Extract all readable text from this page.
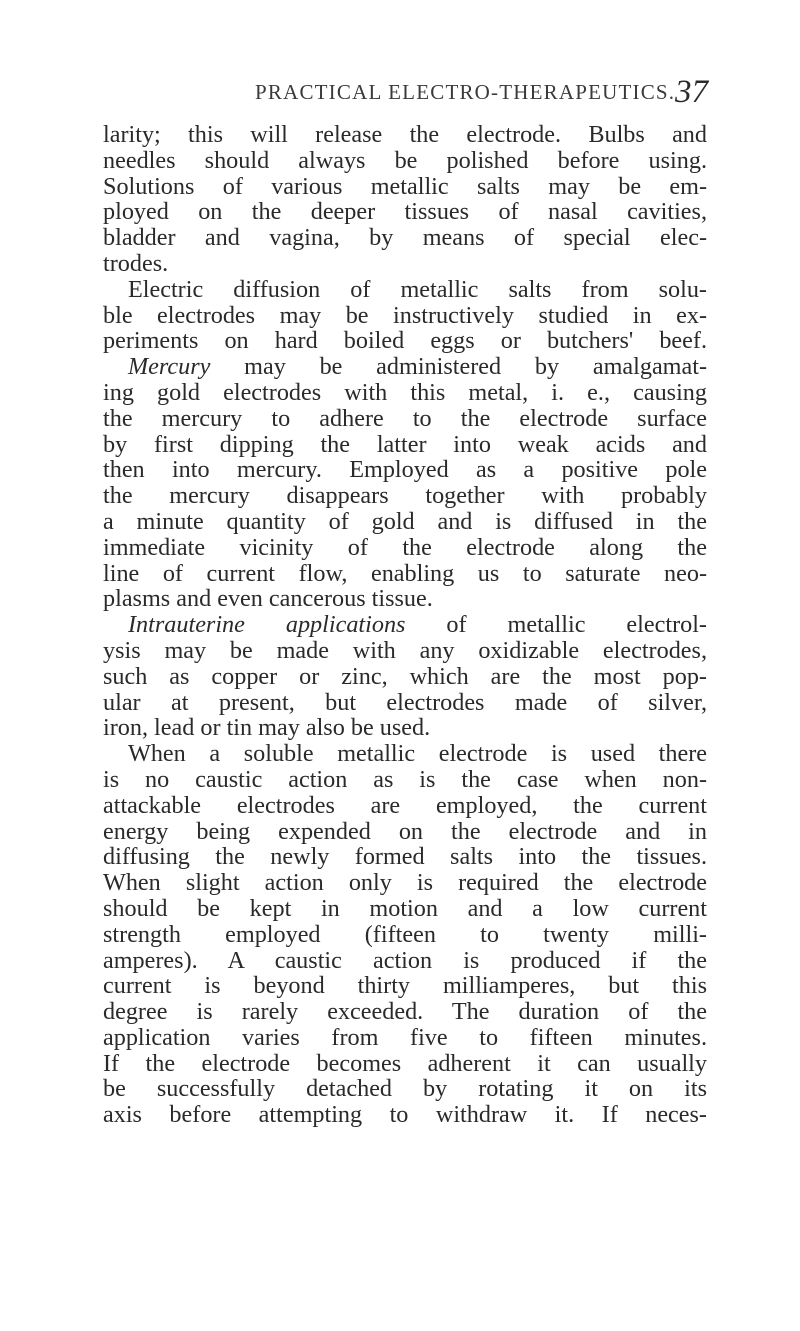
PRACTICAL ELECTRO-THERAPEUTICS. 37
larity; this will release the electrode. Bulbs and
needles should always be polished before using.
Solutions of various metallic salts may be em-
ployed on the deeper tissues of nasal cavities,
bladder and vagina, by means of special elec-
trodes.
Electric diffusion of metallic salts from solu-
ble electrodes may be instructively studied in ex-
periments on hard boiled eggs or butchers' beef.
Mercury may be administered by amalgamat-
ing gold electrodes with this metal, i. e., causing
the mercury to adhere to the electrode surface
by first dipping the latter into weak acids and
then into mercury. Employed as a positive pole
the mercury disappears together with probably
a minute quantity of gold and is diffused in the
immediate vicinity of the electrode along the
line of current flow, enabling us to saturate neo-
plasms and even cancerous tissue.
Intrauterine applications of metallic electrol-
ysis may be made with any oxidizable electrodes,
such as copper or zinc, which are the most pop-
ular at present, but electrodes made of silver,
iron, lead or tin may also be used.
When a soluble metallic electrode is used there
is no caustic action as is the case when non-
attackable electrodes are employed, the current
energy being expended on the electrode and in
diffusing the newly formed salts into the tissues.
When slight action only is required the electrode
should be kept in motion and a low current
strength employed (fifteen to twenty milli-
amperes). A caustic action is produced if the
current is beyond thirty milliamperes, but this
degree is rarely exceeded. The duration of the
application varies from five to fifteen minutes.
If the electrode becomes adherent it can usually
be successfully detached by rotating it on its
axis before attempting to withdraw it. If neces-
